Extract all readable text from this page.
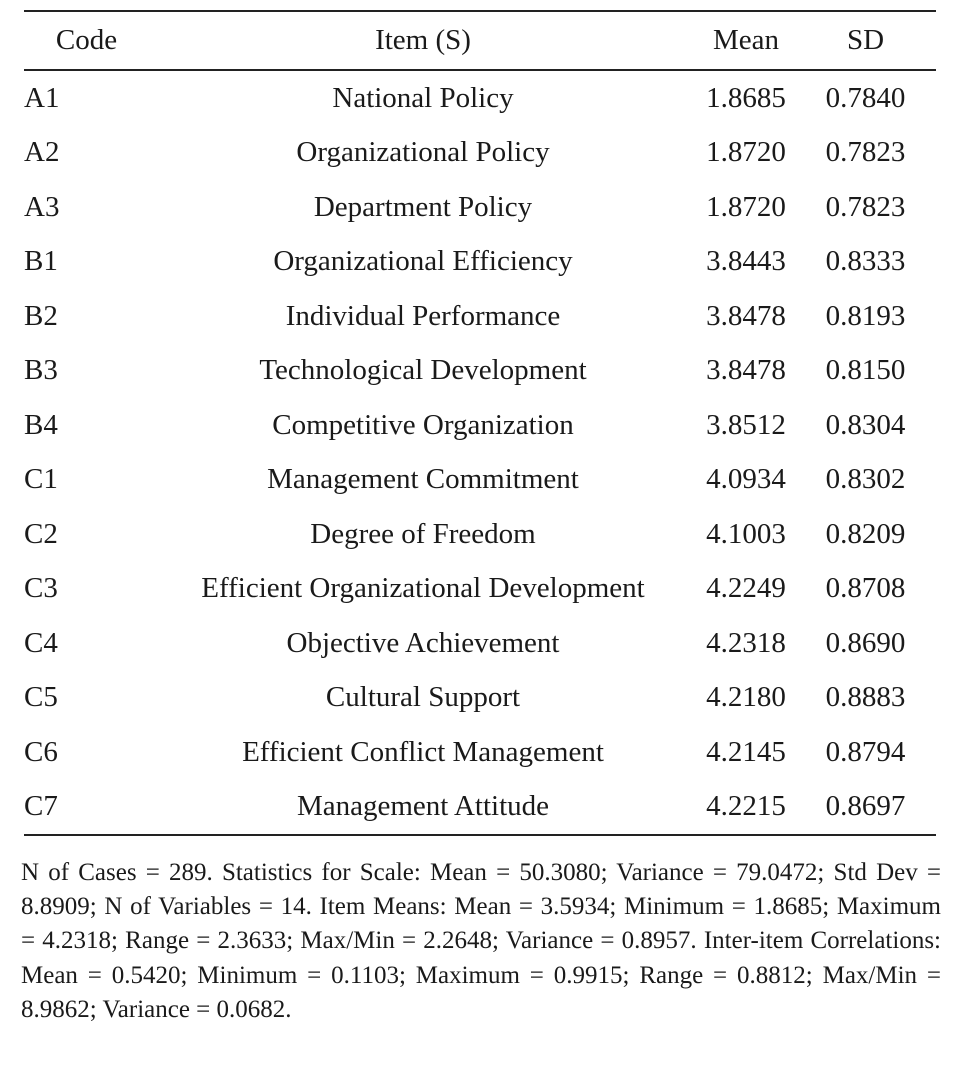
Code	Item (S)	Mean	SD
A1	National Policy	1.8685	0.7840
A2	Organizational Policy	1.8720	0.7823
A3	Department Policy	1.8720	0.7823
B1	Organizational Efficiency	3.8443	0.8333
B2	Individual Performance	3.8478	0.8193
B3	Technological Development	3.8478	0.8150
B4	Competitive Organization	3.8512	0.8304
C1	Management Commitment	4.0934	0.8302
C2	Degree of Freedom	4.1003	0.8209
C3	Efficient Organizational Development	4.2249	0.8708
C4	Objective Achievement	4.2318	0.8690
C5	Cultural Support	4.2180	0.8883
C6	Efficient Conflict Management	4.2145	0.8794
C7	Management Attitude	4.2215	0.8697
N of Cases = 289. Statistics for Scale: Mean = 50.3080; Variance = 79.0472; Std Dev = 8.8909; N of Variables = 14. Item Means: Mean = 3.5934; Minimum = 1.8685; Maximum = 4.2318; Range = 2.3633; Max/Min = 2.2648; Variance = 0.8957. Inter-item Correlations: Mean = 0.5420; Minimum = 0.1103; Maximum = 0.9915; Range = 0.8812; Max/Min = 8.9862; Variance = 0.0682.
